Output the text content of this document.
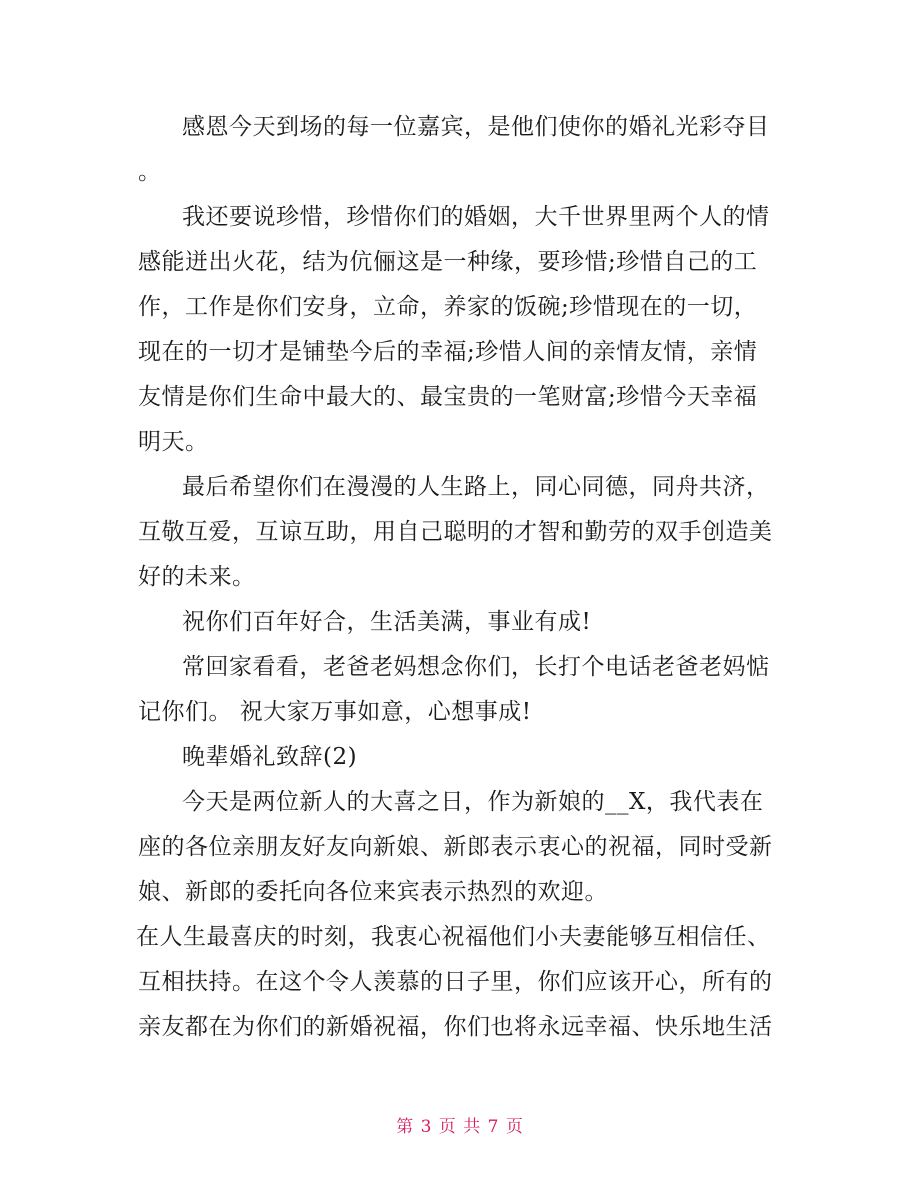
感恩今天到场的每一位嘉宾，是他们使你的婚礼光彩夺目
。
我还要说珍惜，珍惜你们的婚姻，大千世界里两个人的情
感能迸出火花，结为伉俪这是一种缘，要珍惜;珍惜自己的工
作，工作是你们安身，立命，养家的饭碗;珍惜现在的一切，
现在的一切才是铺垫今后的幸福;珍惜人间的亲情友情，亲情
友情是你们生命中最大的、最宝贵的一笔财富;珍惜今天幸福
明天。
最后希望你们在漫漫的人生路上，同心同德，同舟共济，
互敬互爱，互谅互助，用自己聪明的才智和勤劳的双手创造美
好的未来。
祝你们百年好合，生活美满，事业有成!
常回家看看，老爸老妈想念你们，长打个电话老爸老妈惦
记你们。 祝大家万事如意，心想事成!
晚辈婚礼致辞(2)
今天是两位新人的大喜之日，作为新娘的__X，我代表在
座的各位亲朋友好友向新娘、新郎表示衷心的祝福，同时受新
娘、新郎的委托向各位来宾表示热烈的欢迎。
在人生最喜庆的时刻，我衷心祝福他们小夫妻能够互相信任、
互相扶持。在这个令人羡慕的日子里，你们应该开心，所有的
亲友都在为你们的新婚祝福，你们也将永远幸福、快乐地生活
第 3 页 共 7 页
